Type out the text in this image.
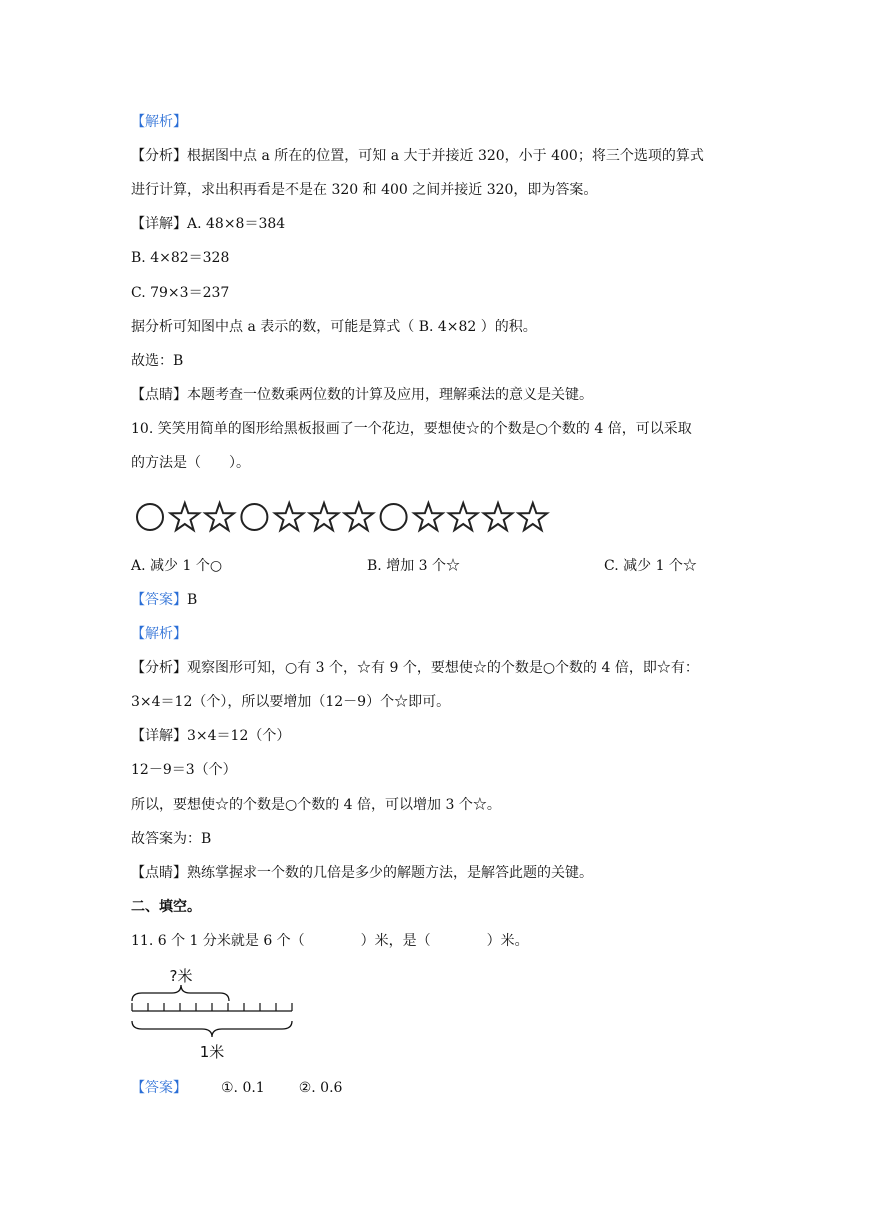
【解析】
【分析】根据图中点 a 所在的位置，可知 a 大于并接近 320，小于 400；将三个选项的算式
进行计算，求出积再看是不是在 320 和 400 之间并接近 320，即为答案。
【详解】A. 48×8＝384
B. 4×82＝328
C. 79×3＝237
据分析可知图中点 a 表示的数，可能是算式（ B. 4×82 ）的积。
故选：B
【点睛】本题考查一位数乘两位数的计算及应用，理解乘法的意义是关键。
10. 笑笑用简单的图形给黑板报画了一个花边，要想使☆的个数是○个数的 4 倍，可以采取
的方法是（　　）。
A. 减少 1 个○	B. 增加 3 个☆	C. 减少 1 个☆
【答案】B
【解析】
【分析】观察图形可知，○有 3 个，☆有 9 个，要想使☆的个数是○个数的 4 倍，即☆有：
3×4＝12（个），所以要增加（12－9）个☆即可。
【详解】3×4＝12（个）
12－9＝3（个）
所以，要想使☆的个数是○个数的 4 倍，可以增加 3 个☆。
故答案为：B
【点睛】熟练掌握求一个数的几倍是多少的解题方法，是解答此题的关键。
二、填空。
11. 6 个 1 分米就是 6 个（　　　　）米，是（　　　　）米。
?米
1米
【答案】 ①. 0.1 ②. 0.6
